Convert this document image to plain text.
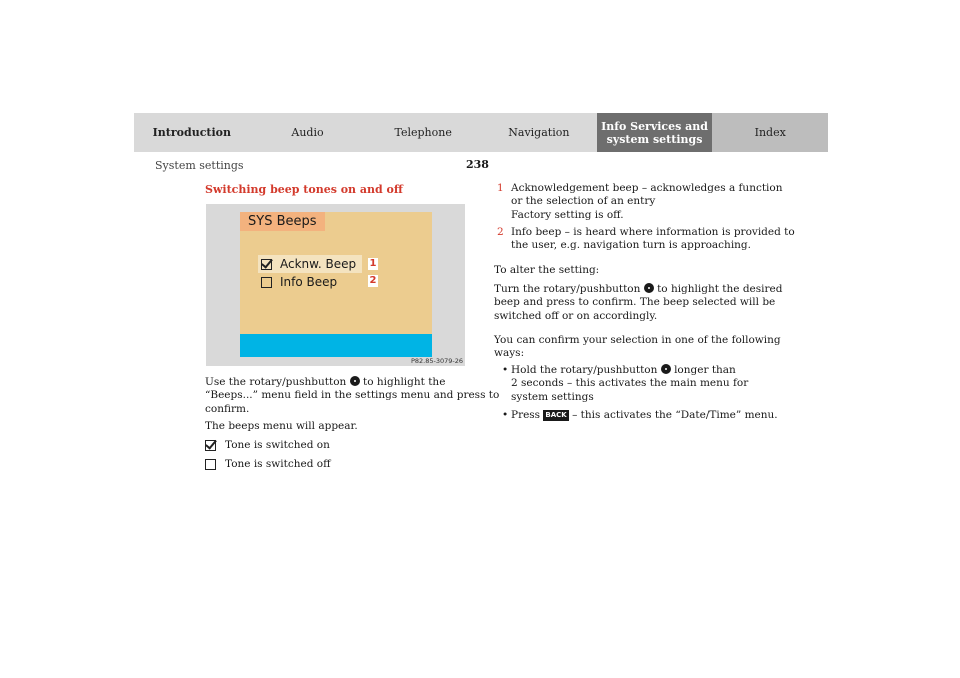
Introduction	Audio	Telephone	Navigation	Info Services and
system settings	Index
238
System settings
Switching beep tones on and off
SYS Beeps
Acknw. Beep
Info Beep
1
2
P82.85-3079-26

Use the rotary/pushbutton to highlight the
“Beeps...” menu field in the settings menu and press to
confirm.

The beeps menu will appear.

Tone is switched on
Tone is switched off
1 Acknowledgement beep – acknowledges a function
or the selection of an entry
Factory setting is off.
2 Info beep – is heard where information is provided to
the user, e.g. navigation turn is approaching.

To alter the setting:

Turn the rotary/pushbutton to highlight the desired
beep and press to confirm. The beep selected will be
switched off or on accordingly.

You can confirm your selection in one of the following
ways:

• Hold the rotary/pushbutton longer than
2 seconds – this activates the main menu for
system settings
• Press BACK – this activates the “Date/Time” menu.
